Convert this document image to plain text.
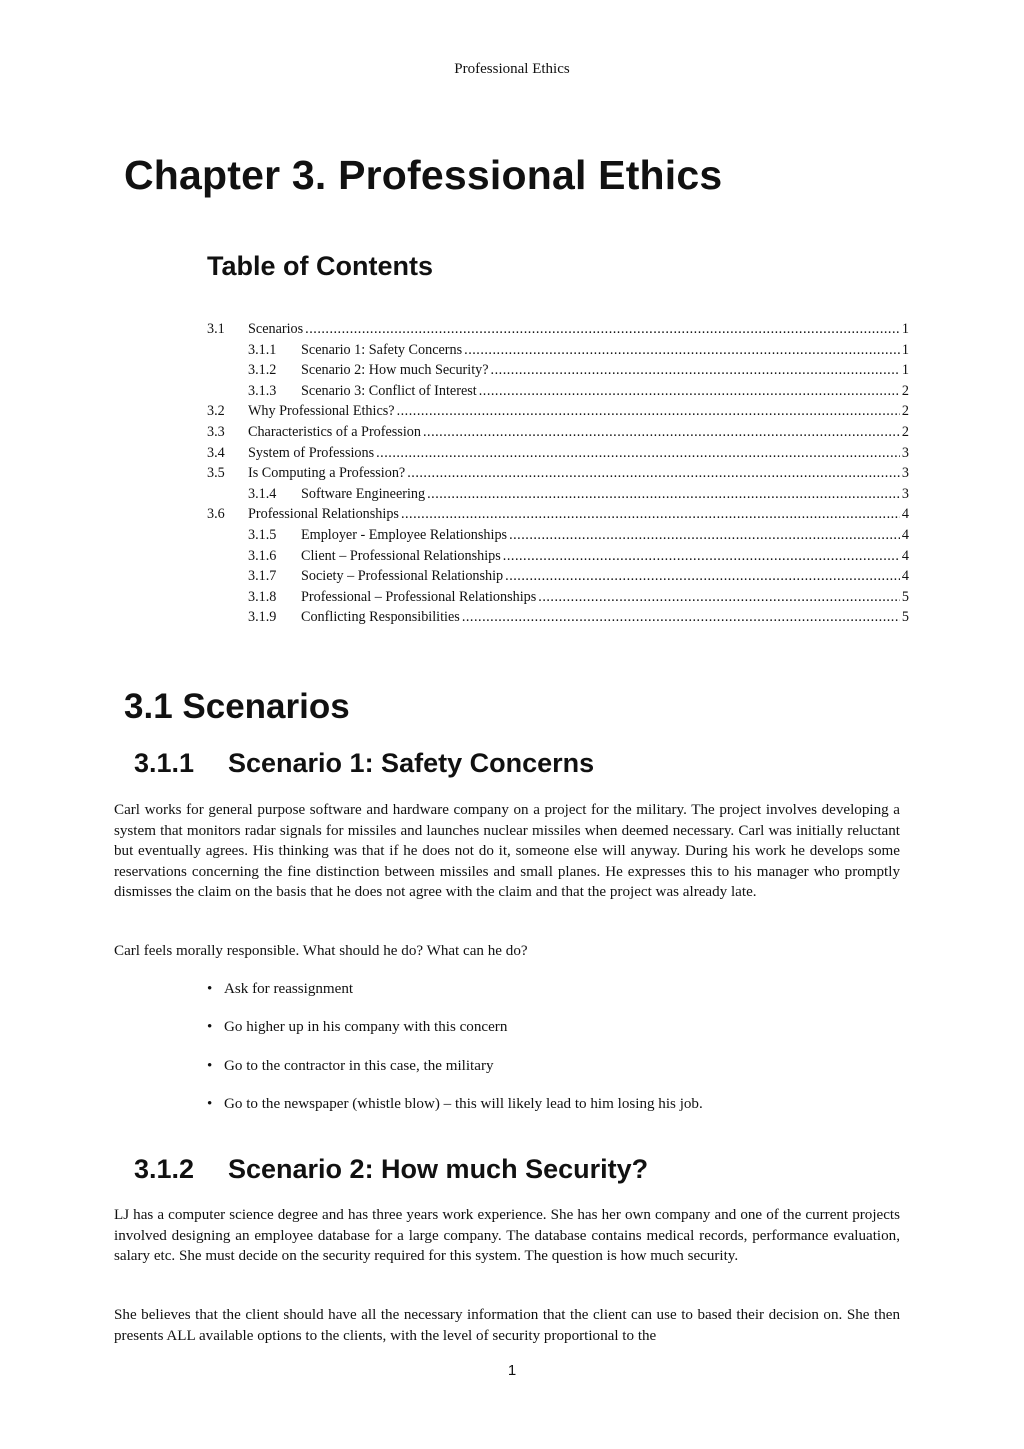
Professional Ethics
Chapter 3. Professional Ethics
Table of Contents
3.1	Scenarios .....	1
3.1.1	Scenario 1: Safety Concerns .....	1
3.1.2	Scenario 2: How much Security? .....	1
3.1.3	Scenario 3: Conflict of Interest .....	2
3.2	Why Professional Ethics? .....	2
3.3	Characteristics of a Profession .....	2
3.4	System of Professions .....	3
3.5	Is Computing a Profession? .....	3
3.1.4	Software Engineering .....	3
3.6	Professional Relationships .....	4
3.1.5	Employer - Employee Relationships .....	4
3.1.6	Client – Professional Relationships .....	4
3.1.7	Society – Professional Relationship .....	4
3.1.8	Professional – Professional Relationships .....	5
3.1.9	Conflicting Responsibilities .....	5
3.1 Scenarios
3.1.1	Scenario 1: Safety Concerns

Carl works for general purpose software and hardware company on a project for the military. The project involves developing a system that monitors radar signals for missiles and launches nuclear missiles when deemed necessary. Carl was initially reluctant but eventually agrees. His thinking was that if he does not do it, someone else will anyway. During his work he develops some reservations concerning the fine distinction between missiles and small planes. He expresses this to his manager who promptly dismisses the claim on the basis that he does not agree with the claim and that the project was already late.

Carl feels morally responsible. What should he do? What can he do?

• Ask for reassignment
• Go higher up in his company with this concern
• Go to the contractor in this case, the military
• Go to the newspaper (whistle blow) – this will likely lead to him losing his job.
3.1.2	Scenario 2: How much Security?

LJ has a computer science degree and has three years work experience. She has her own company and one of the current projects involved designing an employee database for a large company. The database contains medical records, performance evaluation, salary etc. She must decide on the security required for this system. The question is how much security.

She believes that the client should have all the necessary information that the client can use to based their decision on. She then presents ALL available options to the clients, with the level of security proportional to the

1
